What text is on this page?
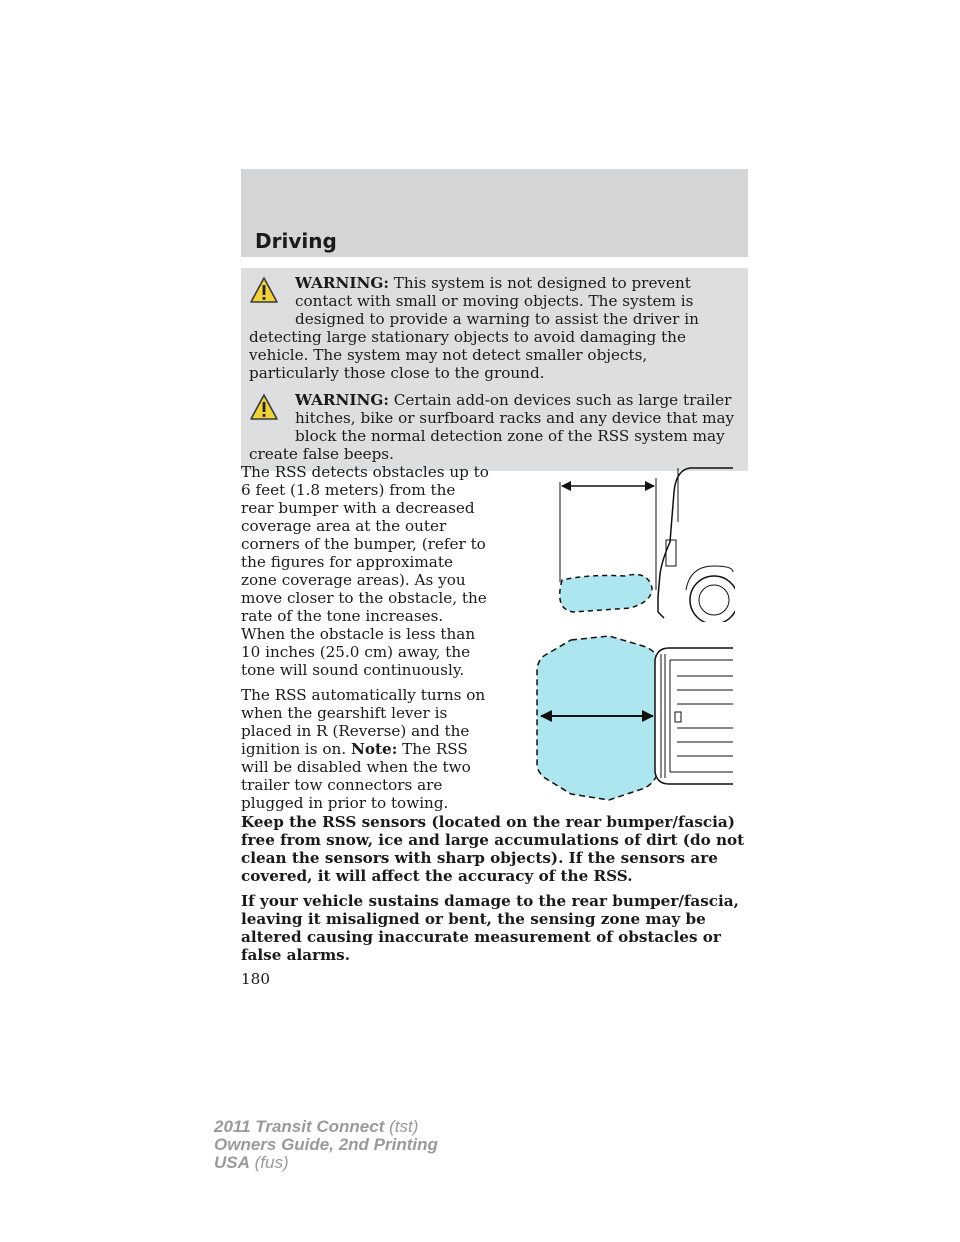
Driving
WARNING: This system is not designed to prevent contact with small or moving objects. The system is designed to provide a warning to assist the driver in detecting large stationary objects to avoid damaging the vehicle. The system may not detect smaller objects, particularly those close to the ground.
WARNING: Certain add-on devices such as large trailer hitches, bike or surfboard racks and any device that may block the normal detection zone of the RSS system may create false beeps.

The RSS detects obstacles up to 6 feet (1.8 meters) from the rear bumper with a decreased coverage area at the outer corners of the bumper, (refer to the figures for approximate zone coverage areas). As you move closer to the obstacle, the rate of the tone increases. When the obstacle is less than 10 inches (25.0 cm) away, the tone will sound continuously.

The RSS automatically turns on when the gearshift lever is placed in R (Reverse) and the ignition is on. Note: The RSS will be disabled when the two trailer tow connectors are plugged in prior to towing.

Keep the RSS sensors (located on the rear bumper/fascia) free from snow, ice and large accumulations of dirt (do not clean the sensors with sharp objects). If the sensors are covered, it will affect the accuracy of the RSS.

If your vehicle sustains damage to the rear bumper/fascia, leaving it misaligned or bent, the sensing zone may be altered causing inaccurate measurement of obstacles or false alarms.

180
2011 Transit Connect (tst)
Owners Guide, 2nd Printing
USA (fus)
